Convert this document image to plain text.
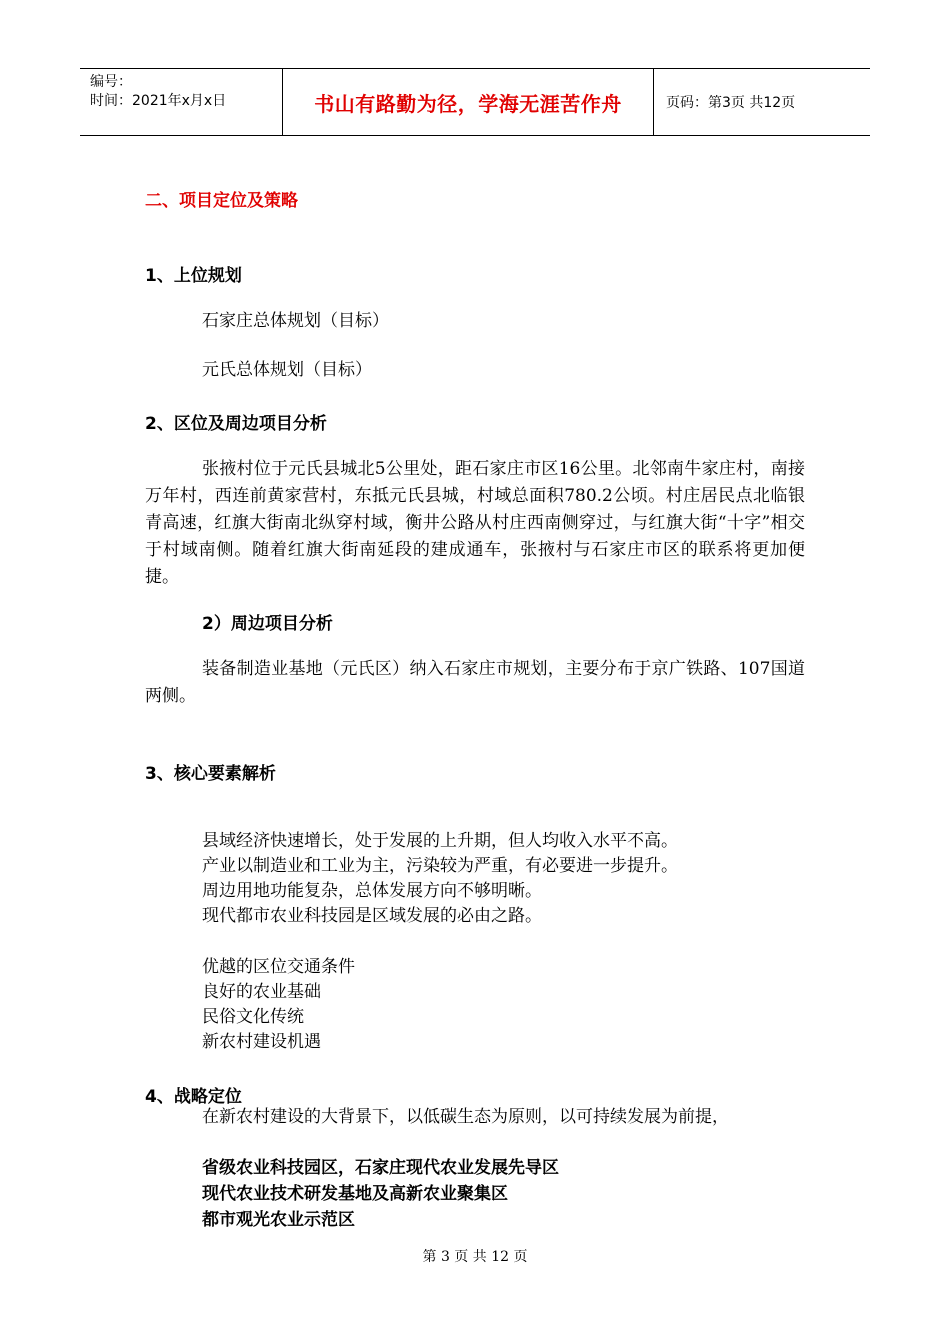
编号：
时间：2021年x月x日	书山有路勤为径，学海无涯苦作舟	页码：第3页 共12页
二、项目定位及策略
1、上位规划
石家庄总体规划（目标）
元氏总体规划（目标）
2、区位及周边项目分析
张掖村位于元氏县城北5公里处，距石家庄市区16公里。北邻南牛家庄村，南接万年村，西连前黄家营村，东抵元氏县城，村域总面积780.2公顷。村庄居民点北临银青高速，红旗大街南北纵穿村域，衡井公路从村庄西南侧穿过，与红旗大街“十字”相交于村域南侧。随着红旗大街南延段的建成通车，张掖村与石家庄市区的联系将更加便捷。
2）周边项目分析
装备制造业基地（元氏区）纳入石家庄市规划，主要分布于京广铁路、107国道两侧。
3、核心要素解析
县域经济快速增长，处于发展的上升期，但人均收入水平不高。
产业以制造业和工业为主，污染较为严重，有必要进一步提升。
周边用地功能复杂，总体发展方向不够明晰。
现代都市农业科技园是区域发展的必由之路。
优越的区位交通条件
良好的农业基础
民俗文化传统
新农村建设机遇
4、战略定位
在新农村建设的大背景下，以低碳生态为原则，以可持续发展为前提，
省级农业科技园区，石家庄现代农业发展先导区
现代农业技术研发基地及高新农业聚集区
都市观光农业示范区
第 3 页 共 12 页
